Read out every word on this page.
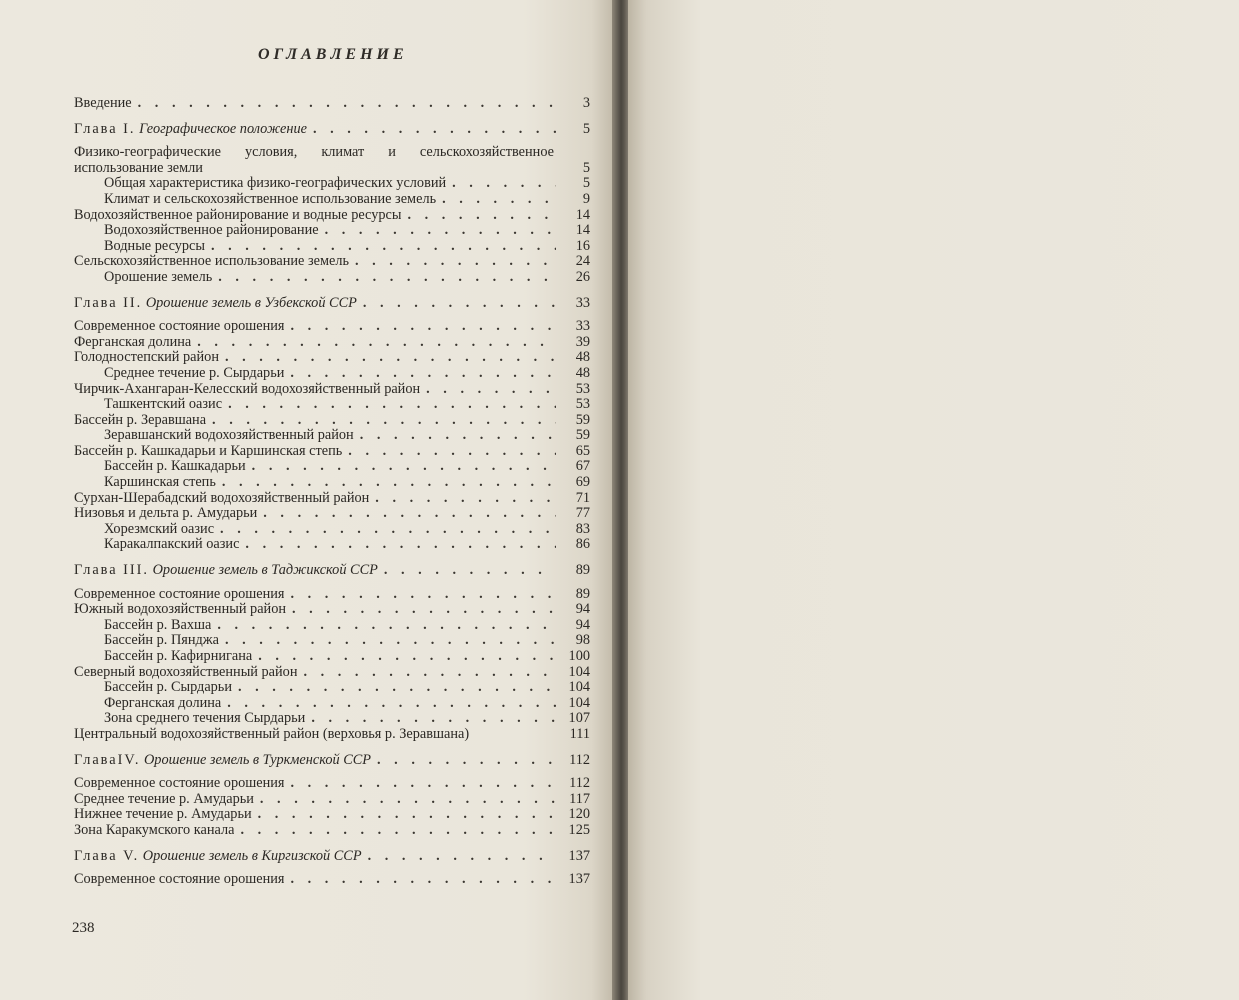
ОГЛАВЛЕНИЕ
Введение . . .	3
Глава I. Географическое положение . . .	5
Физико-географические условия, климат и сельскохозяйственное использование земли	5
Общая характеристика физико-географических условий . . .	5
Климат и сельскохозяйственное использование земель . . .	9
Водохозяйственное районирование и водные ресурсы . . .	14
Водохозяйственное районирование . . .	14
Водные ресурсы . . .	16
Сельскохозяйственное использование земель . . .	24
Орошение земель . . .	26
Глава II. Орошение земель в Узбекской ССР . . .	33
Современное состояние орошения . . .	33
Ферганская долина . . .	39
Голодностепский район . . .	48
Среднее течение р. Сырдарьи . . .	48
Чирчик-Ахангаран-Келесский водохозяйственный район . . .	53
Ташкентский оазис . . .	53
Бассейн р. Зеравшана . . .	59
Зеравшанский водохозяйственный район . . .	59
Бассейн р. Кашкадарьи и Каршинская степь . . .	65
Бассейн р. Кашкадарьи . . .	67
Каршинская степь . . .	69
Сурхан-Шерабадский водохозяйственный район . . .	71
Низовья и дельта р. Амударьи . . .	77
Хорезмский оазис . . .	83
Каракалпакский оазис . . .	86
Глава III. Орошение земель в Таджикской ССР . . .	89
Современное состояние орошения . . .	89
Южный водохозяйственный район . . .	94
Бассейн р. Вахша . . .	94
Бассейн р. Пянджа . . .	98
Бассейн р. Кафирнигана . . .	100
Северный водохозяйственный район . . .	104
Бассейн р. Сырдарьи . . .	104
Ферганская долина . . .	104
Зона среднего течения Сырдарьи . . .	107
Центральный водохозяйственный район (верховья р. Зеравшана)	111
ГлаваIV. Орошение земель в Туркменской ССР . . .	112
Современное состояние орошения . . .	112
Среднее течение р. Амударьи . . .	117
Нижнее течение р. Амударьи . . .	120
Зона Каракумского канала . . .	125
Глава V. Орошение земель в Киргизской ССР . . .	137
Современное состояние орошения . . .	137
238
